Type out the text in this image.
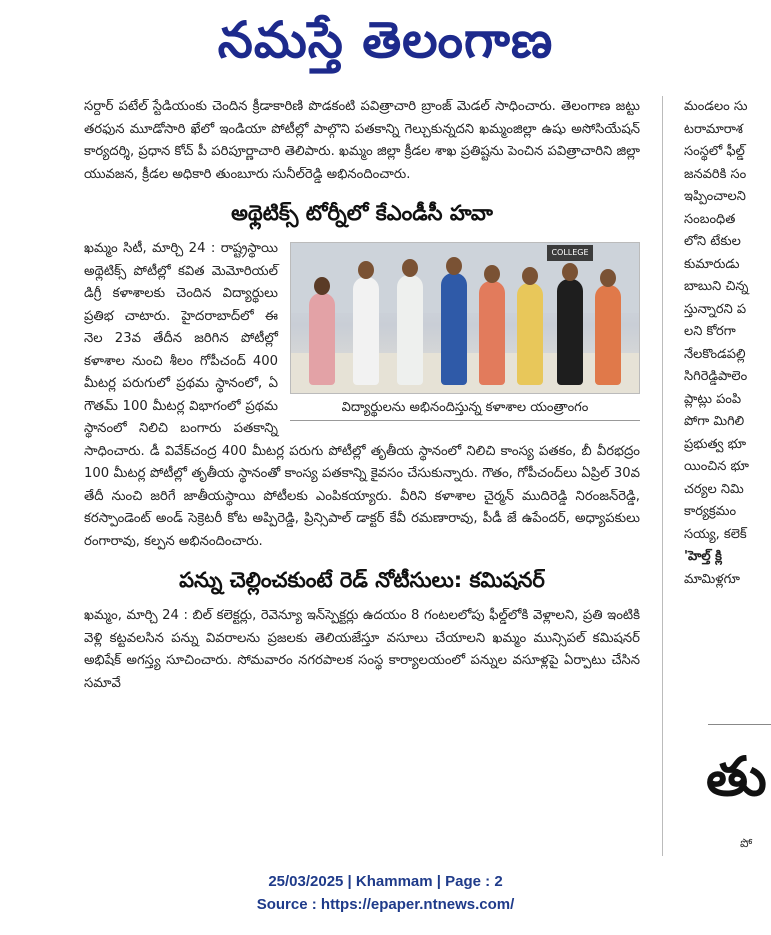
నమస్తే తెలంగాణ

సర్దార్ పటేల్ స్టేడియంకు చెందిన క్రీడాకారిణి పొడకంటి పవిత్రాచారి బ్రాంజ్ మెడల్ సాధించారు. తెలంగాణ జట్టు తరఫున మూడోసారి ఖేలో ఇండియా పోటీల్లో పాల్గొని పతకాన్ని గెల్చుకున్నదని ఖమ్మంజిల్లా ఉషు అసోసియేషన్ కార్యదర్శి, ప్రధాన కోచ్ పీ పరిపూర్ణాచారి తెలిపారు. ఖమ్మం జిల్లా క్రీడల శాఖ ప్రతిష్టను పెంచిన పవిత్రాచారిని జిల్లా యువజన, క్రీడల అధికారి తుంబూరు సునీల్‌రెడ్డి అభినందించారు.

అథ్లెటిక్స్ టోర్నీలో కేఎండీసీ హవా
COLLEGE
విద్యార్థులను అభినందిస్తున్న కళాశాల యంత్రాంగం

ఖమ్మం సిటీ, మార్చి 24 : రాష్ట్రస్థాయి అథ్లెటిక్స్ పోటీల్లో కవిత మెమోరియల్ డిగ్రీ కళాశాలకు చెందిన విద్యార్థులు ప్రతిభ చాటారు. హైదరాబాద్‌లో ఈ నెల 23వ తేదీన జరిగిన పోటీల్లో కళాశాల నుంచి శీలం గోపీచంద్ 400 మీటర్ల పరుగులో ప్రథమ స్థానంలో, ఏ గౌతమ్ 100 మీటర్ల విభాగంలో ప్రథమ స్థానంలో నిలిచి బంగారు పతకాన్ని సాధించారు. డీ వివేక్‌చంద్ర 400 మీటర్ల పరుగు పోటీల్లో తృతీయ స్థానంలో నిలిచి కాంస్య పతకం, బీ వీరభద్రం 100 మీటర్ల పోటీల్లో తృతీయ స్థానంతో కాంస్య పతకాన్ని కైవసం చేసుకున్నారు. గౌతం, గోపీచంద్‌లు ఏప్రిల్ 30వ తేదీ నుంచి జరిగే జాతీయస్థాయి పోటీలకు ఎంపికయ్యారు. వీరిని కళాశాల చైర్మన్ ముదిరెడ్డి నిరంజన్‌రెడ్డి, కరస్పాండెంట్ అండ్ సెక్రెటరీ కోట అప్పిరెడ్డి, ప్రిన్సిపాల్ డాక్టర్ కేవీ రమణారావు, పీడీ జే ఉపేందర్, అధ్యాపకులు రంగారావు, కల్పన అభినందించారు.

పన్ను చెల్లించకుంటే రెడ్ నోటీసులు: కమిషనర్

ఖమ్మం, మార్చి 24 : బిల్ కలెక్టర్లు, రెవెన్యూ ఇన్‌స్పెక్టర్లు ఉదయం 8 గంటలలోపు ఫీల్డ్‌లోకి వెళ్లాలని, ప్రతి ఇంటికి వెళ్లి కట్టవలసిన పన్ను వివరాలను ప్రజలకు తెలియజేస్తూ వసూలు చేయాలని ఖమ్మం మున్సిపల్ కమిషనర్ అభిషేక్ అగస్త్య సూచించారు. సోమవారం నగరపాలక సంస్థ కార్యాలయంలో పన్నుల వసూళ్లపై ఏర్పాటు చేసిన సమావే

మండలం సు

టరామారాశ

సంస్థలో ఫీల్డ్

జనవరికి సం

ఇప్పించాలని

సంబంధిత

లోని టేకుల

కుమారుడు

బాబుని చిన్న

స్తున్నారని ప

లని కోరగా

నేలకొండపల్లి

సిగిరెడ్డిపాలెం

ప్లాట్లు పంపి

పోగా మిగిలి

ప్రభుత్వ భూ

యించిన భూ

చర్యల నిమి

కార్యక్రమం

సయ్య, కలెక్

'హెల్త్ క్లి

మామిళ్లగూ

తు
పో
25/03/2025 | Khammam | Page : 2
Source : https://epaper.ntnews.com/
